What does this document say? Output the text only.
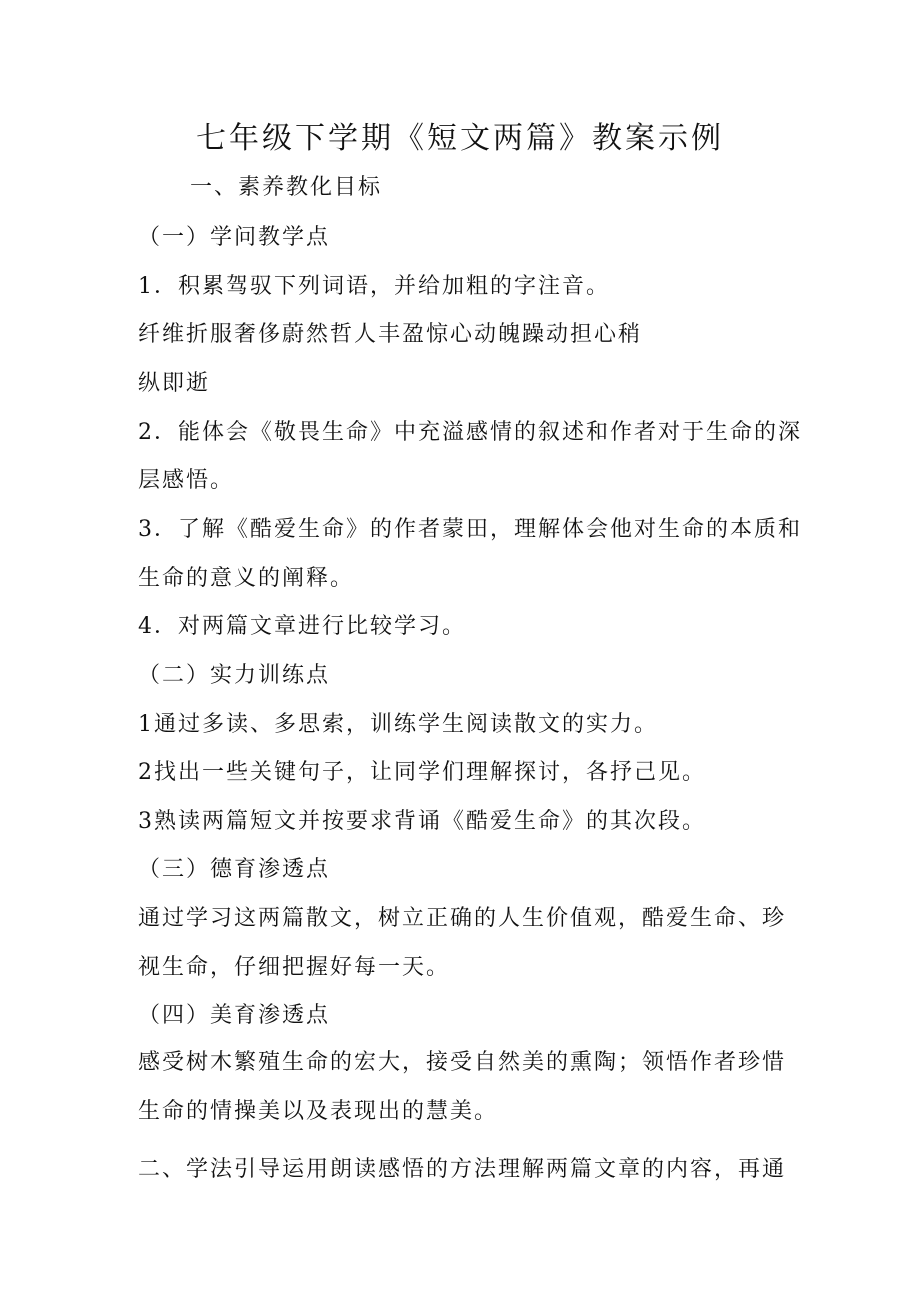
七年级下学期《短文两篇》教案示例
一、素养教化目标
（一）学问教学点
1．积累驾驭下列词语，并给加粗的字注音。
纤维折服奢侈蔚然哲人丰盈惊心动魄躁动担心稍
纵即逝
2．能体会《敬畏生命》中充溢感情的叙述和作者对于生命的深
层感悟。
3．了解《酷爱生命》的作者蒙田，理解体会他对生命的本质和
生命的意义的阐释。
4．对两篇文章进行比较学习。
（二）实力训练点
1通过多读、多思索，训练学生阅读散文的实力。
2找出一些关键句子，让同学们理解探讨，各抒己见。
3熟读两篇短文并按要求背诵《酷爱生命》的其次段。
（三）德育渗透点
通过学习这两篇散文，树立正确的人生价值观，酷爱生命、珍
视生命，仔细把握好每一天。
（四）美育渗透点
感受树木繁殖生命的宏大，接受自然美的熏陶；领悟作者珍惜
生命的情操美以及表现出的慧美。
二、学法引导运用朗读感悟的方法理解两篇文章的内容，再通
